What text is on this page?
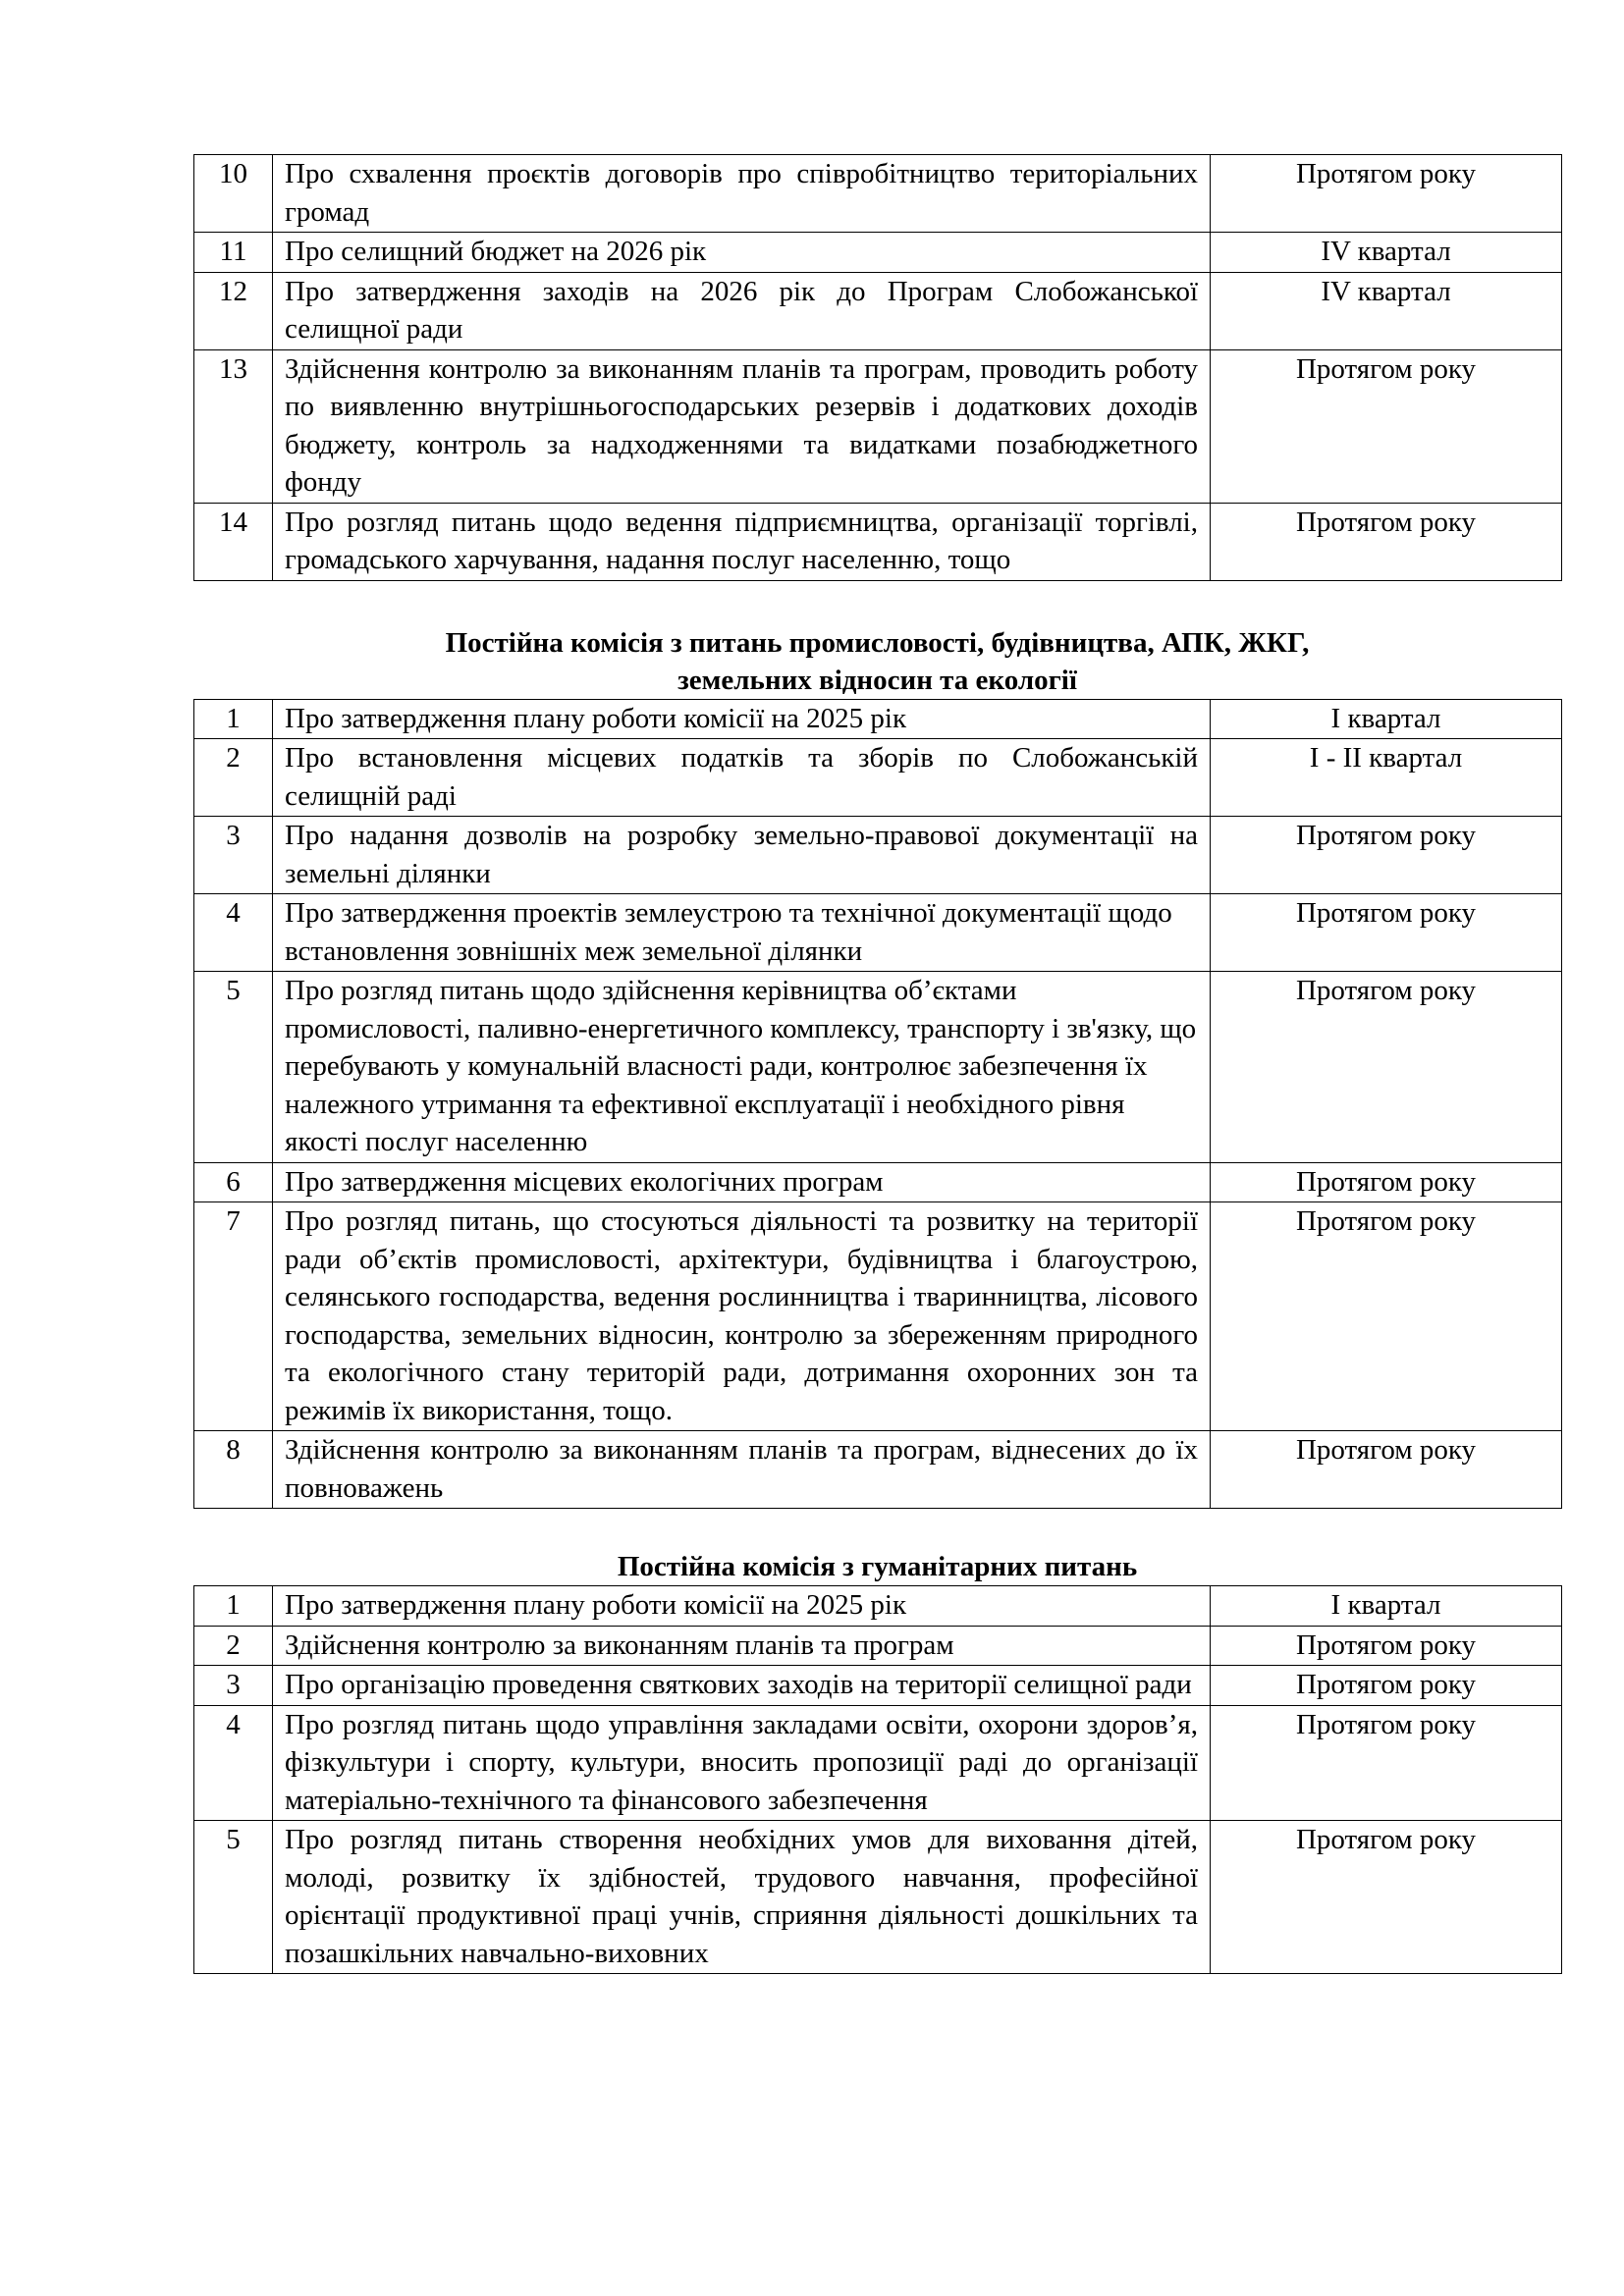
10	Про схвалення проєктів договорів про співробітництво територіальних громад	Протягом року
11	Про селищний бюджет на 2026 рік	IV квартал
12	Про затвердження заходів на 2026 рік до Програм Слобожанської селищної ради	IV квартал
13	Здійснення контролю за виконанням планів та програм, проводить роботу по виявленню внутрішньогосподарських резервів і додаткових доходів бюджету, контроль за надходженнями та видатками позабюджетного фонду	Протягом року
14	Про розгляд питань щодо ведення підприємництва, організації торгівлі, громадського харчування, надання послуг населенню, тощо	Протягом року
Постійна комісія з питань промисловості, будівництва, АПК, ЖКГ,
земельних відносин та екології
1	Про затвердження плану роботи комісії на 2025 рік	I квартал
2	Про встановлення місцевих податків та зборів по Слобожанській селищній раді	I - II квартал
3	Про надання дозволів на розробку земельно-правової документації на земельні ділянки	Протягом року
4	Про затвердження проектів землеустрою та технічної документації щодо встановлення зовнішніх меж земельної ділянки	Протягом року
5	Про розгляд питань щодо здійснення керівництва об’єктами промисловості, паливно-енергетичного комплексу, транспорту і зв'язку, що перебувають у комунальній власності ради, контролює забезпечення їх належного утримання та ефективної експлуатації і необхідного рівня якості послуг населенню	Протягом року
6	Про затвердження місцевих екологічних програм	Протягом року
7	Про розгляд питань, що стосуються діяльності та розвитку на території ради об’єктів промисловості, архітектури, будівництва і благоустрою, селянського господарства, ведення рослинництва і тваринництва, лісового господарства, земельних відносин, контролю за збереженням природного та екологічного стану територій ради, дотримання охоронних зон та режимів їх використання, тощо.	Протягом року
8	Здійснення контролю за виконанням планів та програм, віднесених до їх повноважень	Протягом року
Постійна комісія з гуманітарних питань
1	Про затвердження плану роботи комісії на 2025 рік	I квартал
2	Здійснення контролю за виконанням планів та програм	Протягом року
3	Про організацію проведення святкових заходів на території селищної ради	Протягом року
4	Про розгляд питань щодо управління закладами освіти, охорони здоров’я, фізкультури і спорту, культури, вносить пропозиції раді до організації матеріально-технічного та фінансового забезпечення	Протягом року
5	Про розгляд питань створення необхідних умов для виховання дітей, молоді, розвитку їх здібностей, трудового навчання, професійної орієнтації продуктивної праці учнів, сприяння діяльності дошкільних та позашкільних навчально-виховних	Протягом року
